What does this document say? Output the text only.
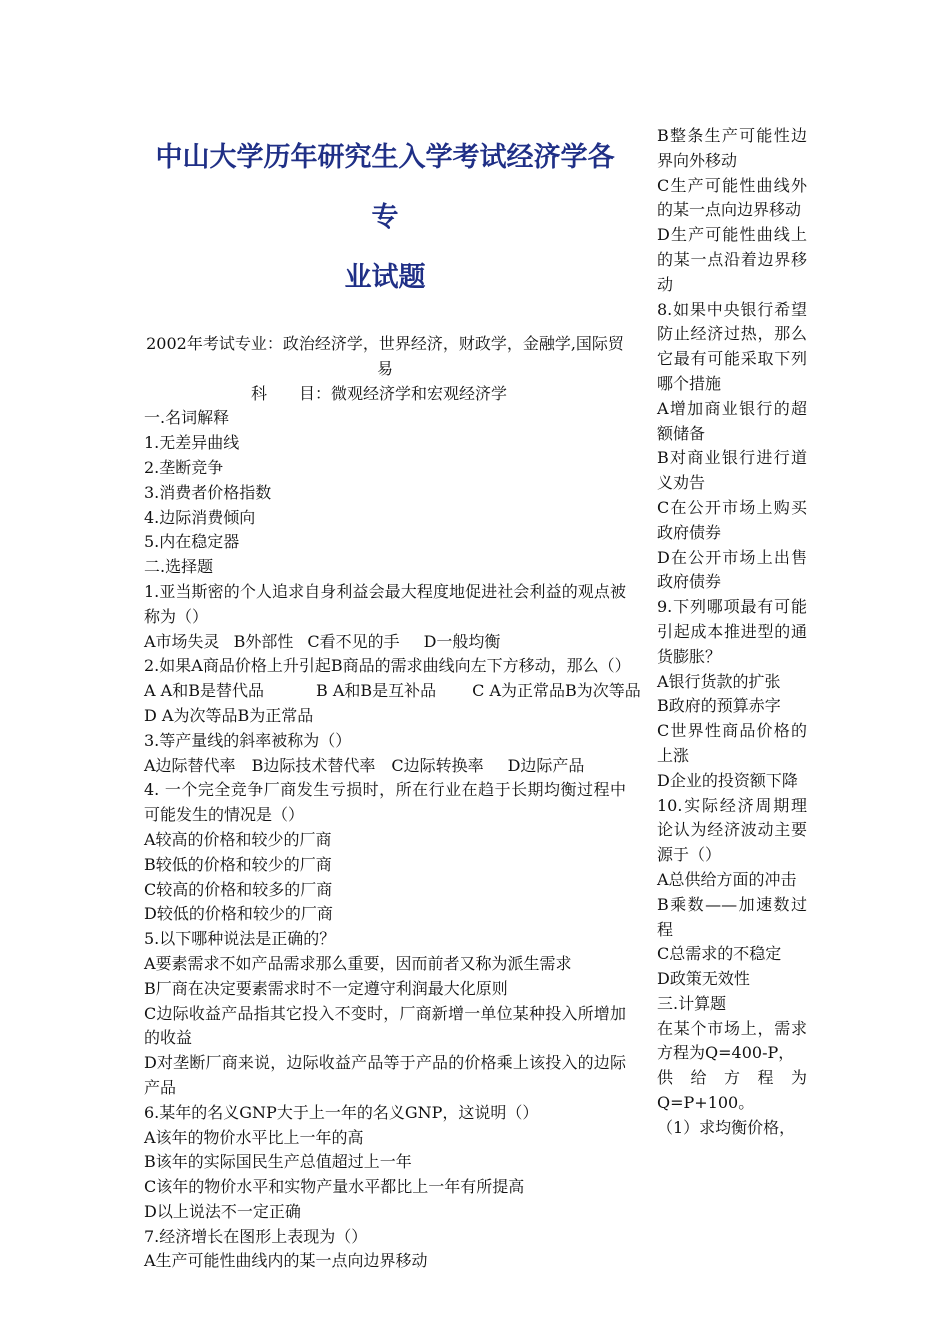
中山大学历年研究生入学考试经济学各专
业试题
2002年考试专业：政治经济学，世界经济，财政学，金融学,国际贸易
科　　目：微观经济学和宏观经济学
一.名词解释
1.无差异曲线
2.垄断竞争
3.消费者价格指数
4.边际消费倾向
5.内在稳定器
二.选择题
1.亚当斯密的个人追求自身利益会最大程度地促进社会利益的观点被称为（）
A市场失灵 B外部性 C看不见的手 D一般均衡
2.如果A商品价格上升引起B商品的需求曲线向左下方移动，那么（）
A A和B是替代品	B A和B是互补品 C A为正常品B为次等品
D A为次等品B为正常品
3.等产量线的斜率被称为（）
A边际替代率 B边际技术替代率 C边际转换率 D边际产品
4. 一个完全竞争厂商发生亏损时，所在行业在趋于长期均衡过程中可能发生的情况是（）
A较高的价格和较少的厂商
B较低的价格和较少的厂商
C较高的价格和较多的厂商
D较低的价格和较少的厂商
5.以下哪种说法是正确的？
A要素需求不如产品需求那么重要，因而前者又称为派生需求
B厂商在决定要素需求时不一定遵守利润最大化原则
C边际收益产品指其它投入不变时，厂商新增一单位某种投入所增加的收益
D对垄断厂商来说，边际收益产品等于产品的价格乘上该投入的边际产品
6.某年的名义GNP大于上一年的名义GNP，这说明（）
A该年的物价水平比上一年的高
B该年的实际国民生产总值超过上一年
C该年的物价水平和实物产量水平都比上一年有所提高
D以上说法不一定正确
7.经济增长在图形上表现为（）
A生产可能性曲线内的某一点向边界移动
B整条生产可能性边界向外移动
C生产可能性曲线外的某一点向边界移动
D生产可能性曲线上的某一点沿着边界移动
8.如果中央银行希望防止经济过热，那么它最有可能采取下列哪个措施
A增加商业银行的超额储备
B对商业银行进行道义劝告
C在公开市场上购买政府债券
D在公开市场上出售政府债券
9.下列哪项最有可能引起成本推进型的通货膨胀？
A银行货款的扩张
B政府的预算赤字
C世界性商品价格的上涨
D企业的投资额下降
10.实际经济周期理论认为经济波动主要源于（）
A总供给方面的冲击
B乘数——加速数过程
C总需求的不稳定
D政策无效性
三.计算题
在某个市场上，需求方程为Q=400-P，
供 给 方 程 为
Q=P+100。
（1）求均衡价格，
